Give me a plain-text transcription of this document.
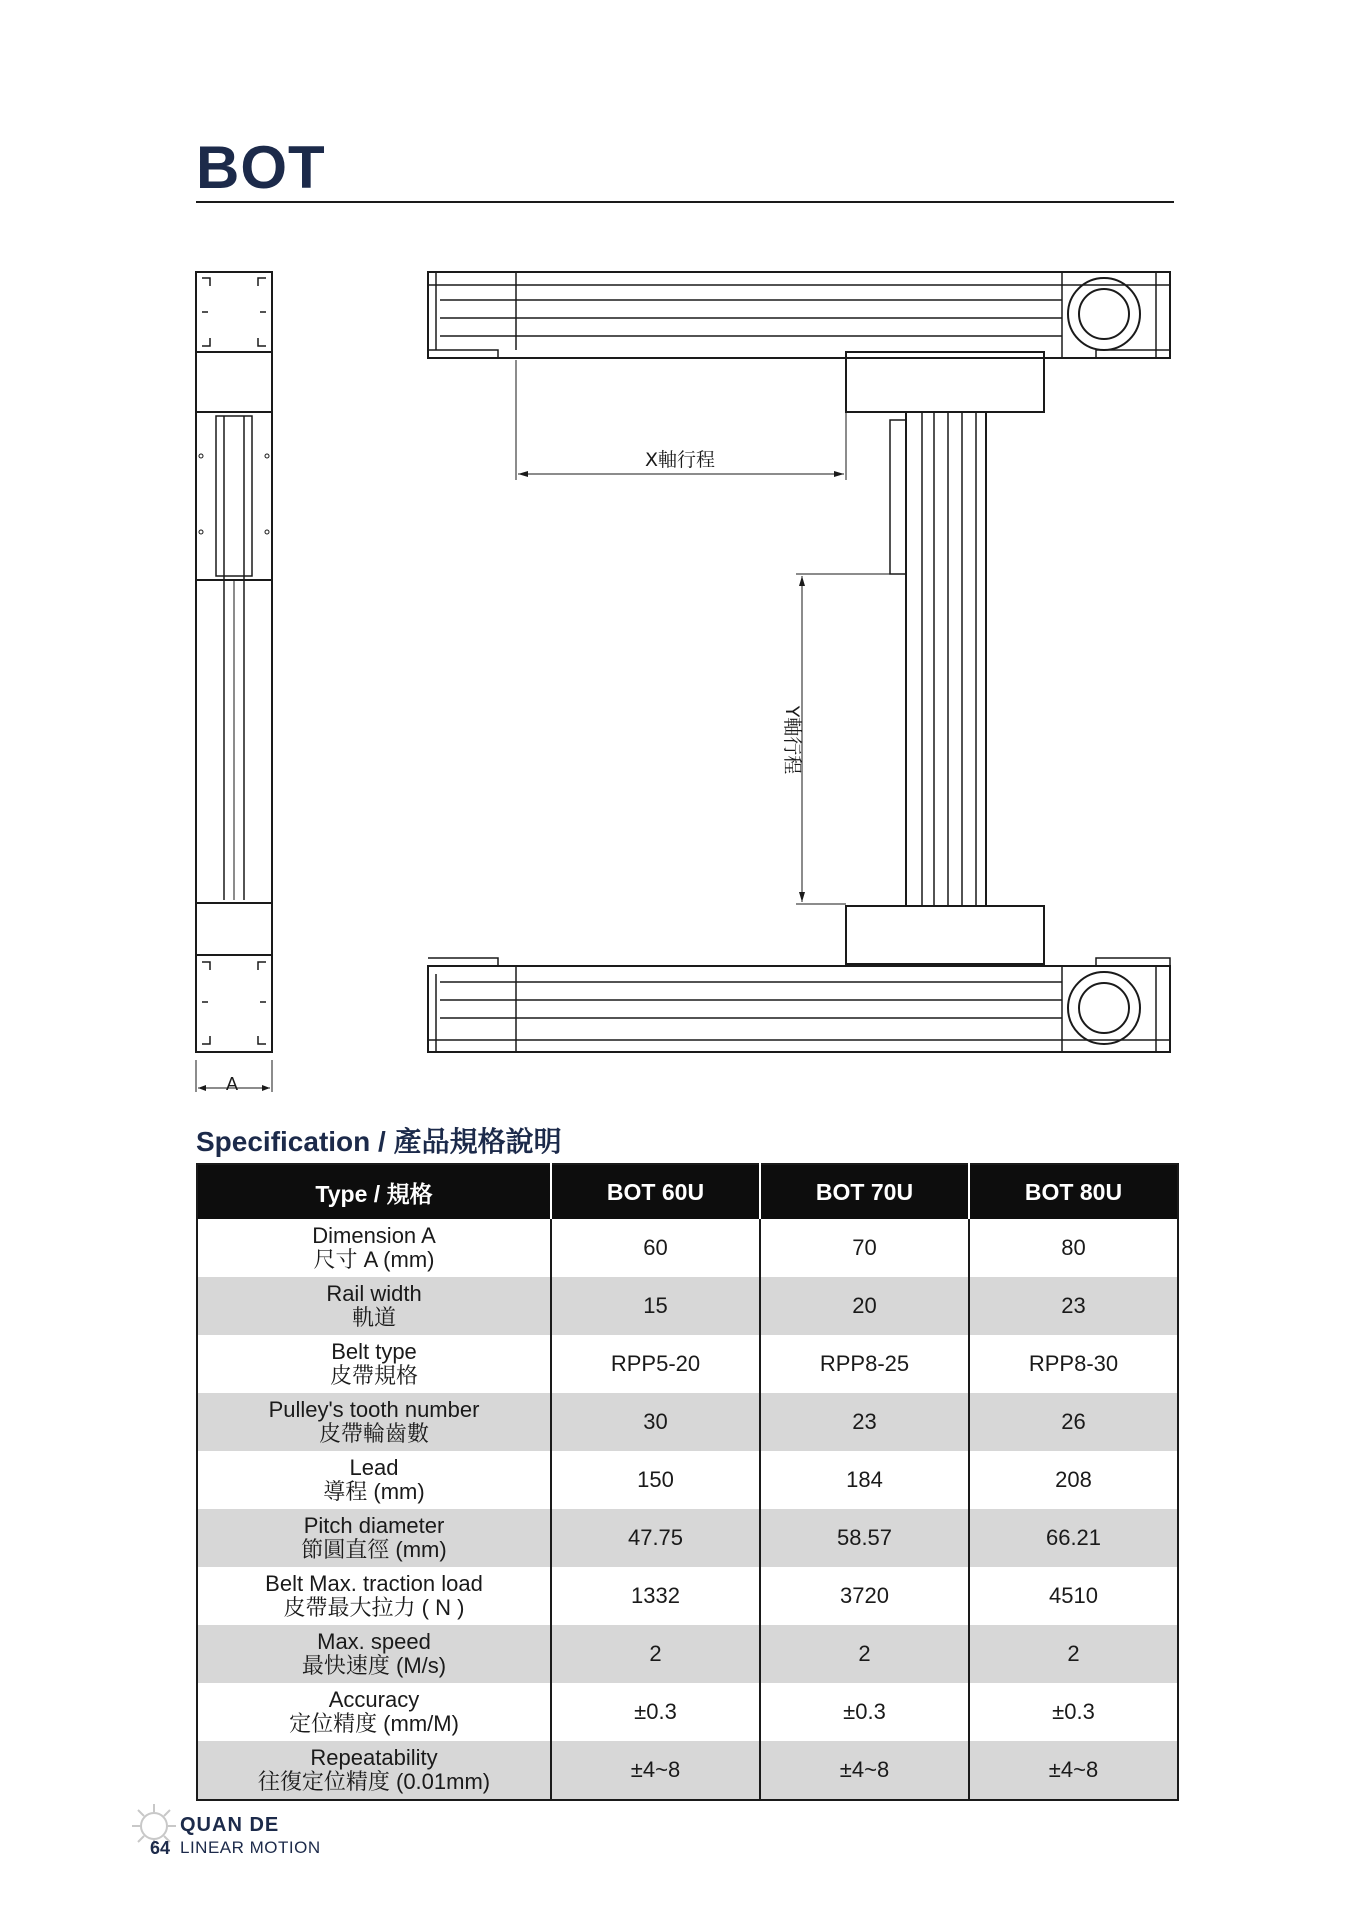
BOT
A
X軸行程
Y軸行程
Specification / 產品規格說明
Type / 規格	BOT 60U	BOT 70U	BOT 80U

Dimension A
尺寸 A (mm)	60	70	80

Rail width
軌道	15	20	23

Belt type
皮帶規格	RPP5-20	RPP8-25	RPP8-30

Pulley's tooth number
皮帶輪齒數	30	23	26

Lead
導程 (mm)	150	184	208

Pitch diameter
節圓直徑 (mm)	47.75	58.57	66.21

Belt Max. traction load
皮帶最大拉力 ( N )	1332	3720	4510

Max. speed
最快速度 (M/s)	2	2	2

Accuracy
定位精度 (mm/M)	±0.3	±0.3	±0.3

Repeatability
往復定位精度 (0.01mm)	±4~8	±4~8	±4~8
QUAN DE
64 LINEAR MOTION
